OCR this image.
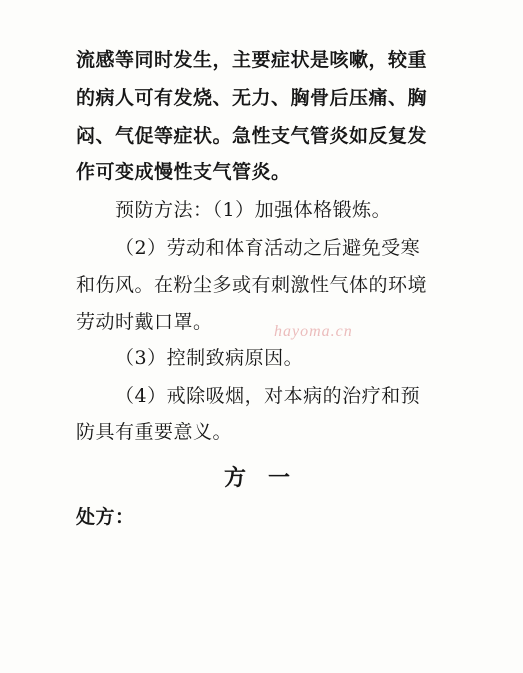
流感等同时发生，主要症状是咳嗽，较重
的病人可有发烧、无力、胸骨后压痛、胸
闷、气促等症状。急性支气管炎如反复发
作可变成慢性支气管炎。
预防方法：（1）加强体格锻炼。
（2）劳动和体育活动之后避免受寒
和伤风。在粉尘多或有刺激性气体的环境
劳动时戴口罩。
（3）控制致病原因。
（4）戒除吸烟，对本病的治疗和预
防具有重要意义。
hayoma.cn
方一
处方：
